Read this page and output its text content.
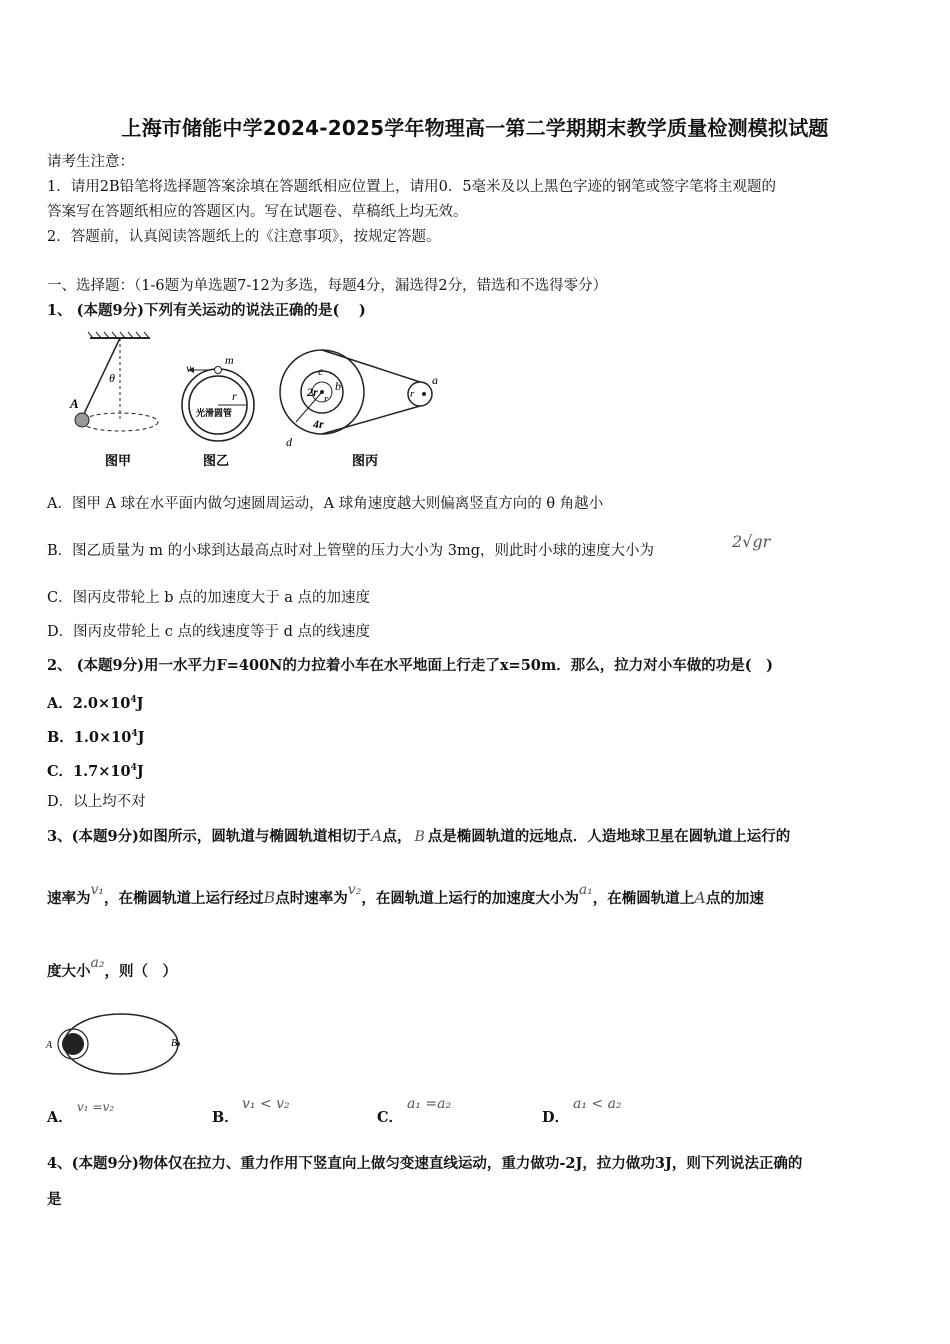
上海市储能中学2024-2025学年物理高一第二学期期末教学质量检测模拟试题
请考生注意：
1．请用2B铅笔将选择题答案涂填在答题纸相应位置上，请用0．5毫米及以上黑色字迹的钢笔或签字笔将主观题的
答案写在答题纸相应的答题区内。写在试题卷、草稿纸上均无效。
2．答题前，认真阅读答题纸上的《注意事项》，按规定答题。
一、选择题：（1-6题为单选题7-12为多选，每题4分，漏选得2分，错选和不选得零分）
1、 (本题9分)下列有关运动的说法正确的是(　 )
θ
A
图甲
v
m
r
光滑圆管
图乙
c
b
2r r
4r
d
a
r
图丙
A．图甲 A 球在水平面内做匀速圆周运动，A 球角速度越大则偏离竖直方向的 θ 角越小
B．图乙质量为 m 的小球到达最高点时对上管壁的压力大小为 3mg，则此时小球的速度大小为	2√gr
C．图丙皮带轮上 b 点的加速度大于 a 点的加速度
D．图丙皮带轮上 c 点的线速度等于 d 点的线速度
2、 (本题9分)用一水平力F=400N的力拉着小车在水平地面上行走了x=50m．那么，拉力对小车做的功是(　)
A．$2.0\times 10^4J$
B．$1.0\times 10^4J$
C．$1.7\times 10^4J$
D．以上均不对
3、(本题9分)如图所示，圆轨道与椭圆轨道相切于A点， B 点是椭圆轨道的远地点．人造地球卫星在圆轨道上运行的
速率为v₁，在椭圆轨道上运行经过B点时速率为v₂，在圆轨道上运行的加速度大小为a₁，在椭圆轨道上A点的加速
度大小a₂，则（　）
A	B
A．
v₁ =v₂
B．
v₁ < v₂
C．
a₁ =a₂
D．
a₁ < a₂
4、(本题9分)物体仅在拉力、重力作用下竖直向上做匀变速直线运动，重力做功-2J，拉力做功3J，则下列说法正确的
是
